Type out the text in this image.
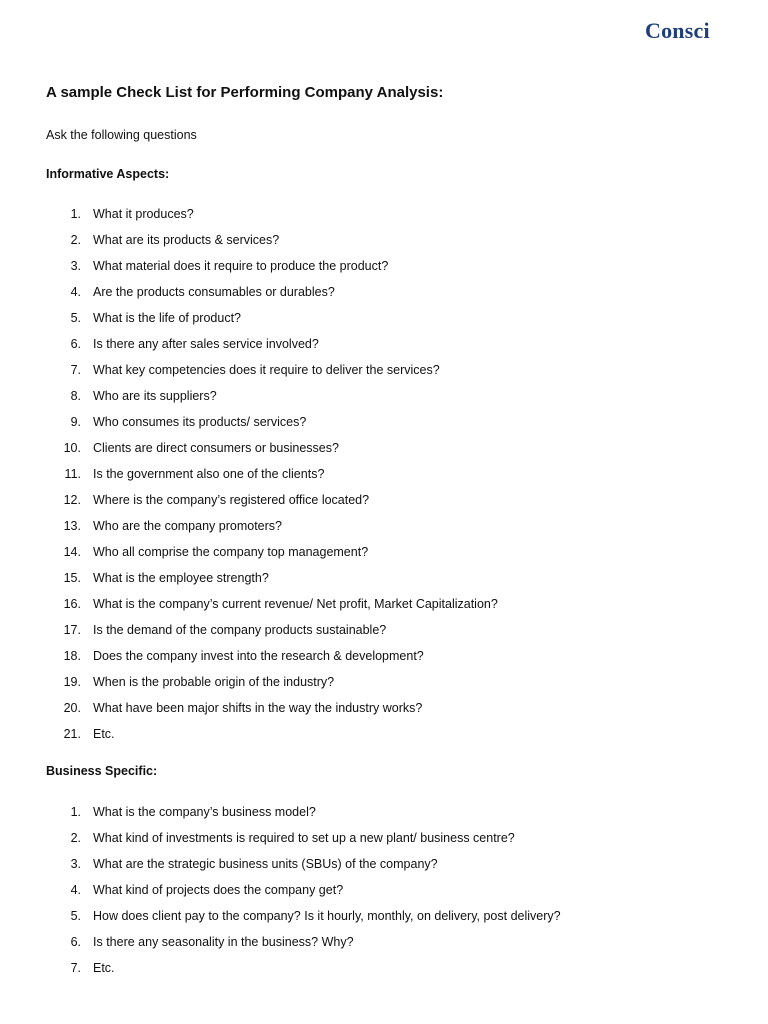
Consci
A sample Check List for Performing Company Analysis:
Ask the following questions
Informative Aspects:
1. What it produces?
2. What are its products & services?
3. What material does it require to produce the product?
4. Are the products consumables or durables?
5. What is the life of product?
6. Is there any after sales service involved?
7. What key competencies does it require to deliver the services?
8. Who are its suppliers?
9. Who consumes its products/ services?
10. Clients are direct consumers or businesses?
11. Is the government also one of the clients?
12. Where is the company’s registered office located?
13. Who are the company promoters?
14. Who all comprise the company top management?
15. What is the employee strength?
16. What is the company’s current revenue/ Net profit, Market Capitalization?
17. Is the demand of the company products sustainable?
18. Does the company invest into the research & development?
19. When is the probable origin of the industry?
20. What have been major shifts in the way the industry works?
21. Etc.
Business Specific:
1. What is the company’s business model?
2. What kind of investments is required to set up a new plant/ business centre?
3. What are the strategic business units (SBUs) of the company?
4. What kind of projects does the company get?
5. How does client pay to the company? Is it hourly, monthly, on delivery, post delivery?
6. Is there any seasonality in the business? Why?
7. Etc.
